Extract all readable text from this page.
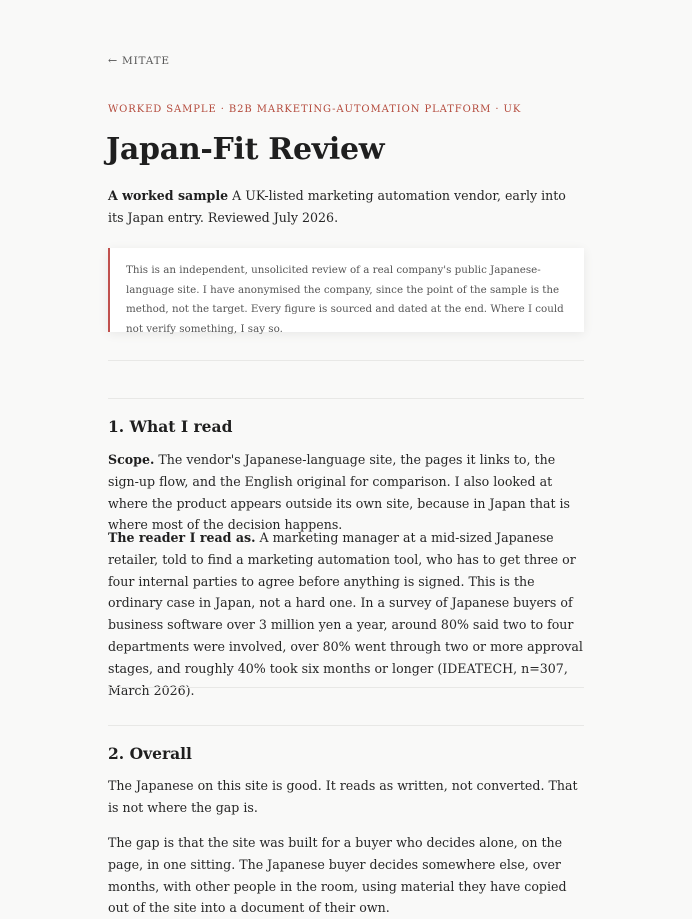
← MITATE
WORKED SAMPLE · B2B MARKETING-AUTOMATION PLATFORM · UK
Japan-Fit Review
A worked sample A UK-listed marketing automation vendor, early into its Japan entry. Reviewed July 2026.
This is an independent, unsolicited review of a real company's public Japanese-language site. I have anonymised the company, since the point of the sample is the method, not the target. Every figure is sourced and dated at the end. Where I could not verify something, I say so.
1. What I read

Scope. The vendor's Japanese-language site, the pages it links to, the sign-up flow, and the English original for comparison. I also looked at where the product appears outside its own site, because in Japan that is where most of the decision happens.

The reader I read as. A marketing manager at a mid-sized Japanese retailer, told to find a marketing automation tool, who has to get three or four internal parties to agree before anything is signed. This is the ordinary case in Japan, not a hard one. In a survey of Japanese buyers of business software over 3 million yen a year, around 80% said two to four departments were involved, over 80% went through two or more approval stages, and roughly 40% took six months or longer (IDEATECH, n=307, March 2026).

2. Overall

The Japanese on this site is good. It reads as written, not converted. That is not where the gap is.

The gap is that the site was built for a buyer who decides alone, on the page, in one sitting. The Japanese buyer decides somewhere else, over months, with other people in the room, using material they have copied out of the site into a document of their own.
